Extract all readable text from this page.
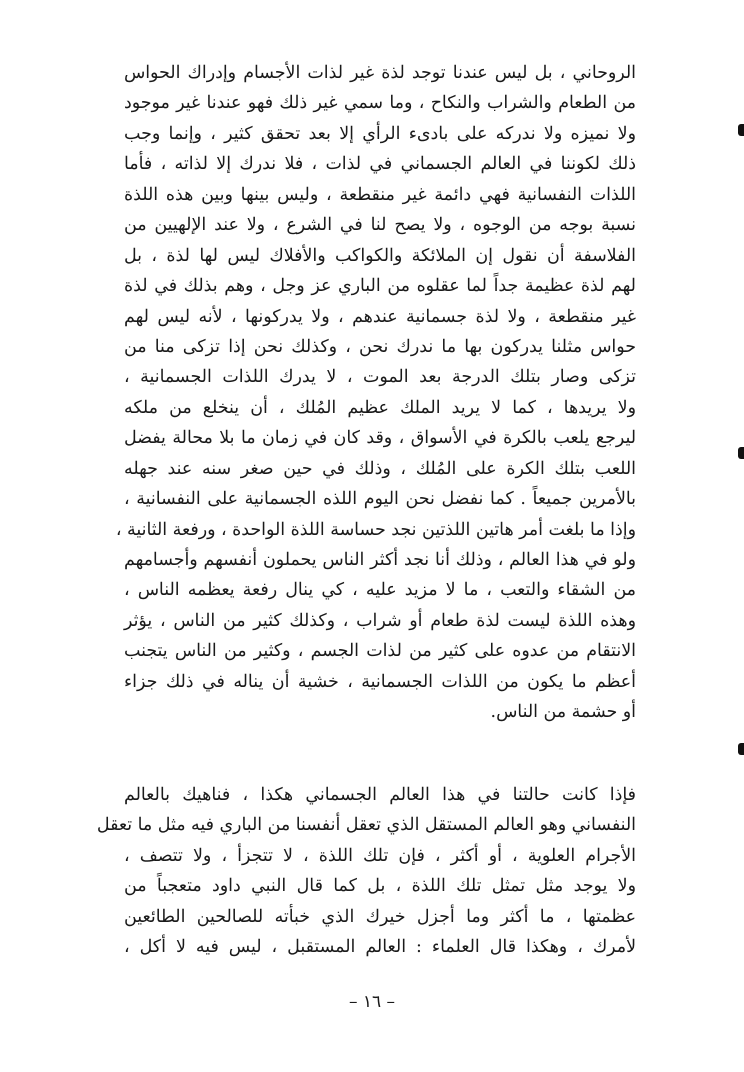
الروحاني ، بل ليس عندنا توجد لذة غير لذات الأجسام وإدراك الحواس
من الطعام والشراب والنكاح ، وما سمي غير ذلك فهو عندنا غير موجود
ولا نميزه ولا ندركه على بادىء الرأي إلا بعد تحقق كثير ، وإنما وجب
ذلك لكوننا في العالم الجسماني في لذات ، فلا ندرك إلا لذاته ، فأما
اللذات النفسانية فهي دائمة غير منقطعة ، وليس بينها وبين هذه اللذة
نسبة بوجه من الوجوه ، ولا يصح لنا في الشرع ، ولا عند الإلهيين من
الفلاسفة أن نقول إن الملائكة والكواكب والأفلاك ليس لها لذة ، بل
لهم لذة عظيمة جداً لما عقلوه من الباري عز وجل ، وهم بذلك في لذة
غير منقطعة ، ولا لذة جسمانية عندهم ، ولا يدركونها ، لأنه ليس لهم
حواس مثلنا يدركون بها ما ندرك نحن ، وكذلك نحن إذا تزكى منا من
تزكى وصار بتلك الدرجة بعد الموت ، لا يدرك اللذات الجسمانية ،
ولا يريدها ، كما لا يريد الملك عظيم المُلك ، أن ينخلع من ملكه
ليرجع يلعب بالكرة في الأسواق ، وقد كان في زمان ما بلا محالة يفضل
اللعب بتلك الكرة على المُلك ، وذلك في حين صغر سنه عند جهله
بالأمرين جميعاً . كما نفضل نحن اليوم اللذه الجسمانية على النفسانية ،
وإذا ما بلغت أمر هاتين اللذتين نجد حساسة اللذة الواحدة ، ورفعة الثانية ،
ولو في هذا العالم ، وذلك أنا نجد أكثر الناس يحملون أنفسهم وأجسامهم
من الشقاء والتعب ، ما لا مزيد عليه ، كي ينال رفعة يعظمه الناس ،
وهذه اللذة ليست لذة طعام أو شراب ، وكذلك كثير من الناس ، يؤثر
الانتقام من عدوه على كثير من لذات الجسم ، وكثير من الناس يتجنب
أعظم ما يكون من اللذات الجسمانية ، خشية أن يناله في ذلك جزاء
أو حشمة من الناس.
فإذا كانت حالتنا في هذا العالم الجسماني هكذا ، فناهيك بالعالم
النفساني وهو العالم المستقل الذي تعقل أنفسنا من الباري فيه مثل ما تعقل
الأجرام العلوية ، أو أكثر ، فإن تلك اللذة ، لا تتجزأ ، ولا تتصف ،
ولا يوجد مثل تمثل تلك اللذة ، بل كما قال النبي داود متعجباً من
عظمتها ، ما أكثر وما أجزل خيرك الذي خبأته للصالحين الطائعين
لأمرك ، وهكذا قال العلماء : العالم المستقبل ، ليس فيه لا أكل ،
– ١٦ –
